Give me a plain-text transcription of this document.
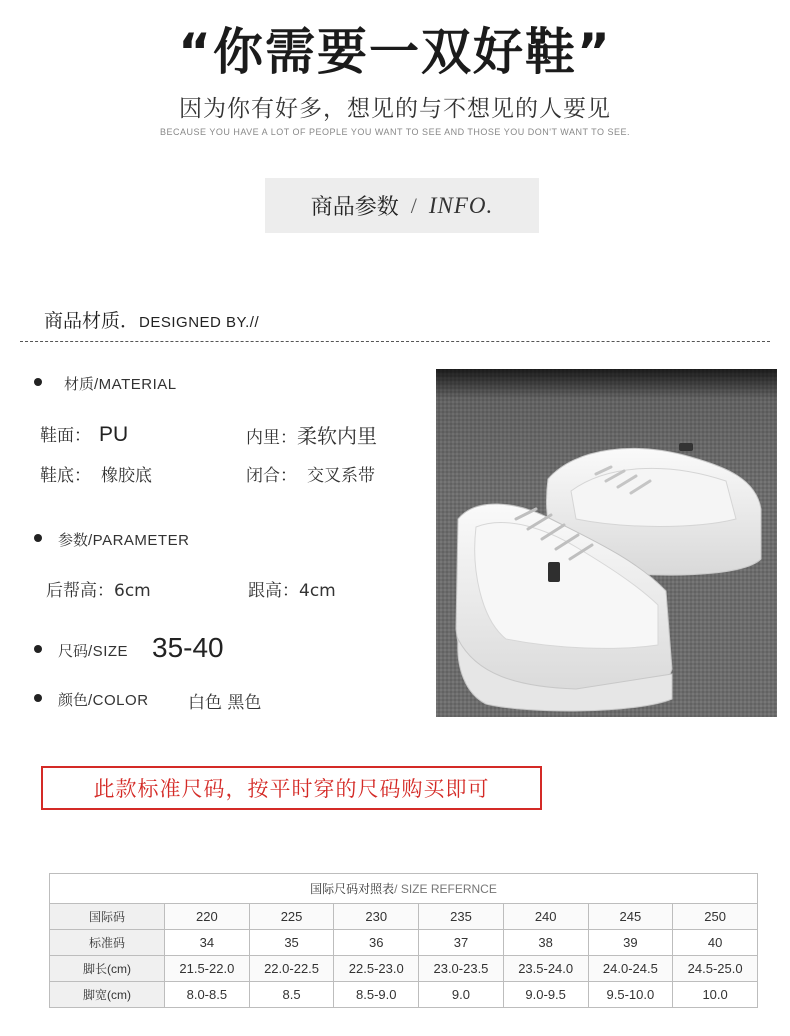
“你需要一双好鞋”
因为你有好多，想见的与不想见的人要见
BECAUSE YOU HAVE A LOT OF PEOPLE YOU WANT TO SEE AND THOSE YOU DON'T WANT TO SEE.
商品参数 / INFO.
商品材质．DESIGNED BY.//
材质/MATERIAL
鞋面： PU	内里：柔软内里
鞋底： 橡胶底	闭合： 交叉系带
参数/PARAMETER
后帮高：6cm	跟高：4cm
尺码/SIZE 35-40
颜色/COLOR 白色 黑色
此款标准尺码，按平时穿的尺码购买即可
国际尺码对照表/ SIZE REFERNCE							
国际码	220	225	230	235	240	245	250
标准码	34	35	36	37	38	39	40
脚长(cm)	21.5-22.0	22.0-22.5	22.5-23.0	23.0-23.5	23.5-24.0	24.0-24.5	24.5-25.0
脚宽(cm)	8.0-8.5	8.5	8.5-9.0	9.0	9.0-9.5	9.5-10.0	10.0
